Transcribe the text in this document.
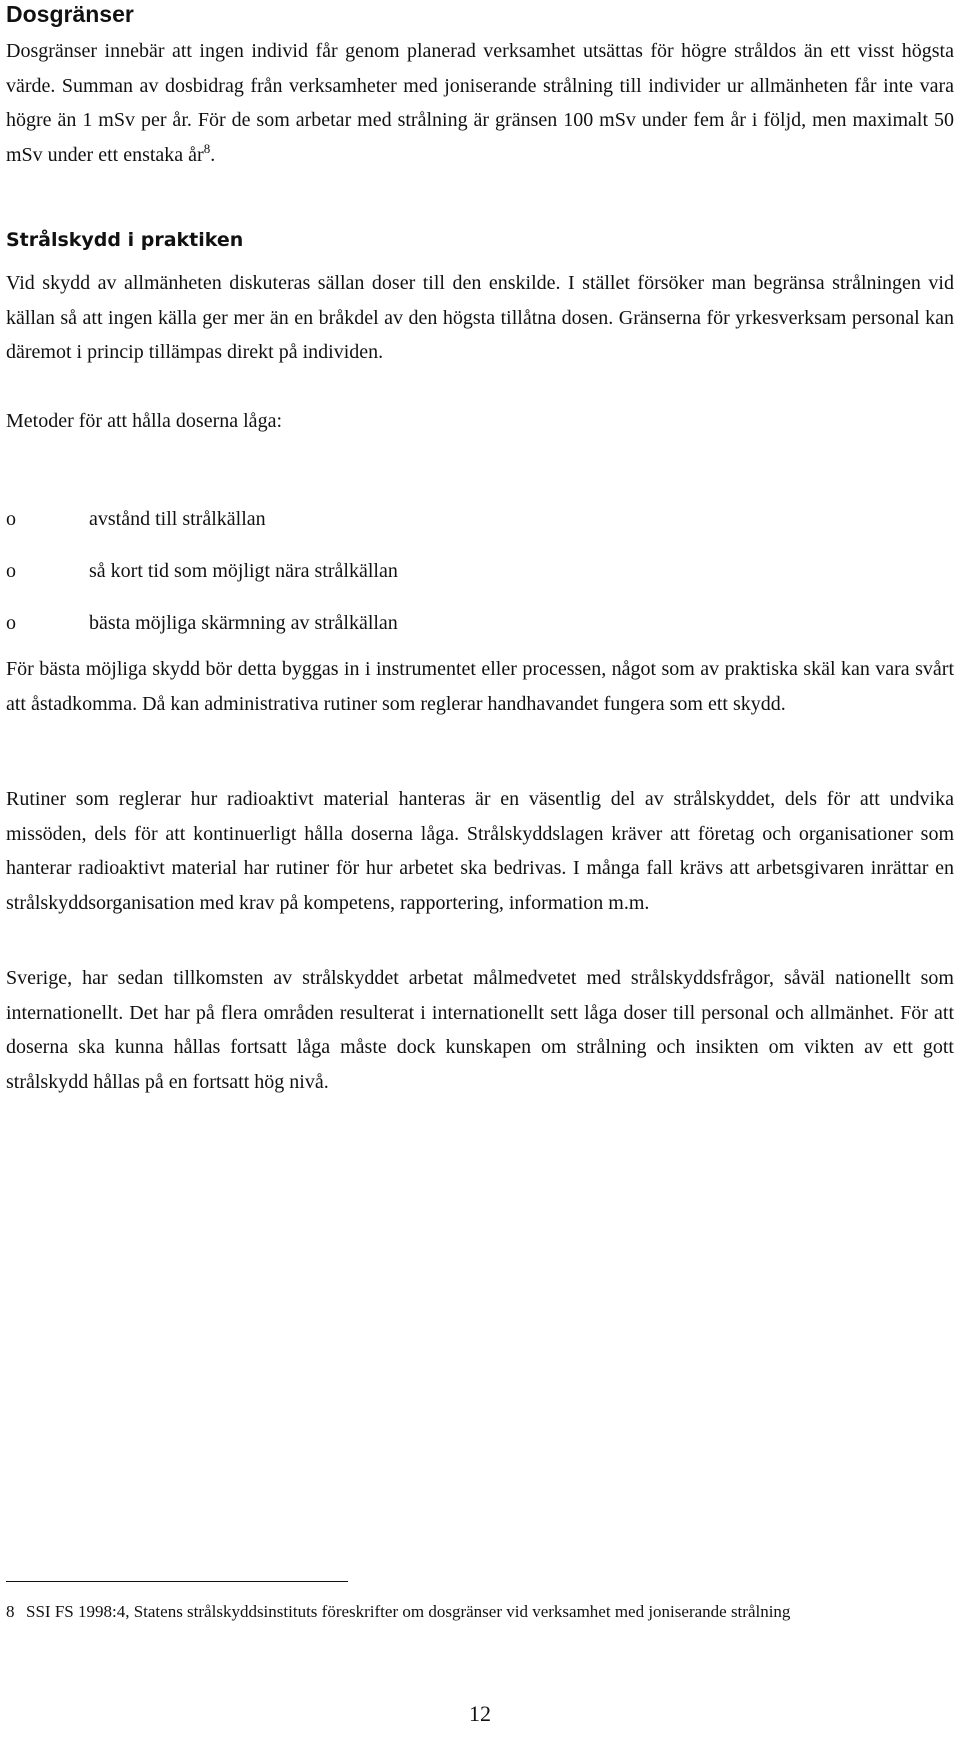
Dosgränser

Dosgränser innebär att ingen individ får genom planerad verksamhet utsättas för högre stråldos än ett visst högsta värde. Summan av dosbidrag från verksamheter med joniserande strålning till individer ur allmänheten får inte vara högre än 1 mSv per år. För de som arbetar med strålning är gränsen 100 mSv under fem år i följd, men maximalt 50 mSv under ett enstaka $år^8$.

Strålskydd i praktiken

Vid skydd av allmänheten diskuteras sällan doser till den enskilde. I stället försöker man begränsa strålningen vid källan så att ingen källa ger mer än en bråkdel av den högsta tillåtna dosen. Gränserna för yrkesverksam personal kan däremot i princip tillämpas direkt på individen.

Metoder för att hålla doserna låga:

o	avstånd till strålkällan
o	så kort tid som möjligt nära strålkällan
o	bästa möjliga skärmning av strålkällan

För bästa möjliga skydd bör detta byggas in i instrumentet eller processen, något som av praktiska skäl kan vara svårt att åstadkomma. Då kan administrativa rutiner som reglerar handhavandet fungera som ett skydd.

Rutiner som reglerar hur radioaktivt material hanteras är en väsentlig del av strålskyddet, dels för att undvika missöden, dels för att kontinuerligt hålla doserna låga. Strålskyddslagen kräver att företag och organisationer som hanterar radioaktivt material har rutiner för hur arbetet ska bedrivas. I många fall krävs att arbetsgivaren inrättar en strålskyddsorganisation med krav på kompetens, rapportering, information m.m.

Sverige, har sedan tillkomsten av strålskyddet arbetat målmedvetet med strålskyddsfrågor, såväl nationellt som internationellt. Det har på flera områden resulterat i internationellt sett låga doser till personal och allmänhet. För att doserna ska kunna hållas fortsatt låga måste dock kunskapen om strålning och insikten om vikten av ett gott strålskydd hållas på en fortsatt hög nivå.

8 SSI FS 1998:4, Statens strålskyddsinstituts föreskrifter om dosgränser vid verksamhet med joniserande strålning

12
